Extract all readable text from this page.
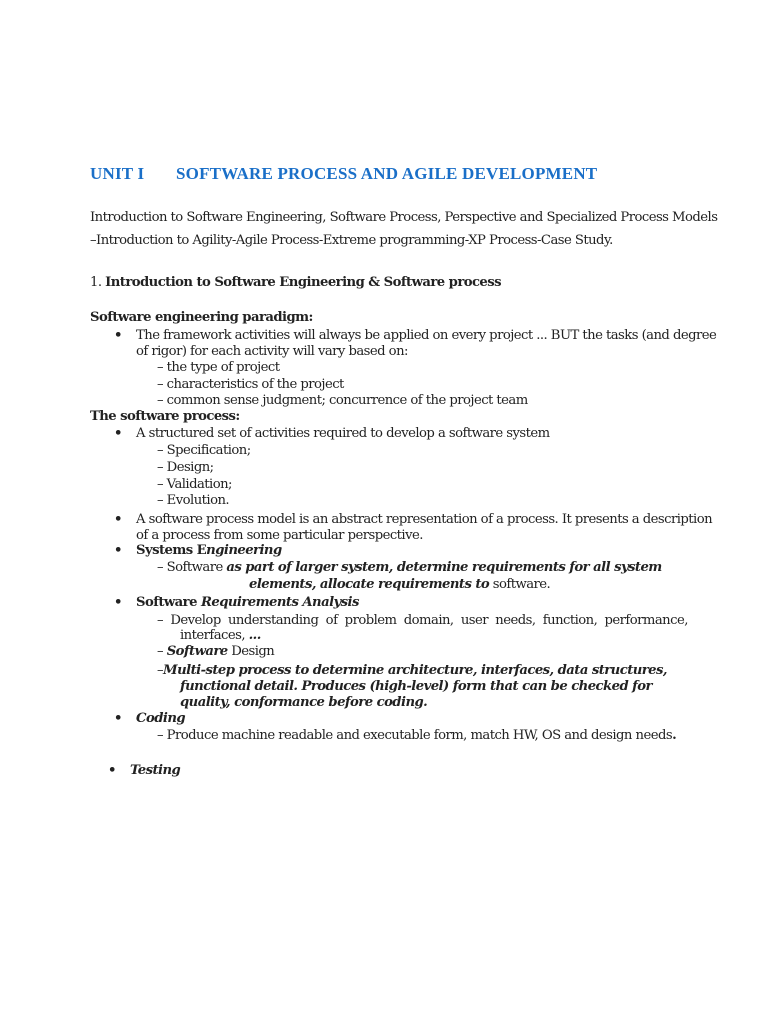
UNIT I SOFTWARE PROCESS AND AGILE DEVELOPMENT
Introduction to Software Engineering, Software Process, Perspective and Specialized Process Models
–Introduction to Agility-Agile Process-Extreme programming-XP Process-Case Study.
1. Introduction to Software Engineering & Software process
Software engineering paradigm:
• The framework activities will always be applied on every project ... BUT the tasks (and degree
of rigor) for each activity will vary based on:
– the type of project
– characteristics of the project
– common sense judgment; concurrence of the project team
The software process:
• A structured set of activities required to develop a software system
– Specification;
– Design;
– Validation;
– Evolution.
• A software process model is an abstract representation of a process. It presents a description
of a process from some particular perspective.
• Systems Engineering
– Software as part of larger system, determine requirements for all system
elements, allocate requirements to software.
• Software Requirements Analysis
–  Develop  understanding  of  problem  domain,  user  needs,  function,  performance,
interfaces, ...
– Software Design
–Multi-step process to determine architecture, interfaces, data structures,
functional detail. Produces (high-level) form that can be checked for
quality, conformance before coding.
• Coding
– Produce machine readable and executable form, match HW, OS and design needs.
• Testing
